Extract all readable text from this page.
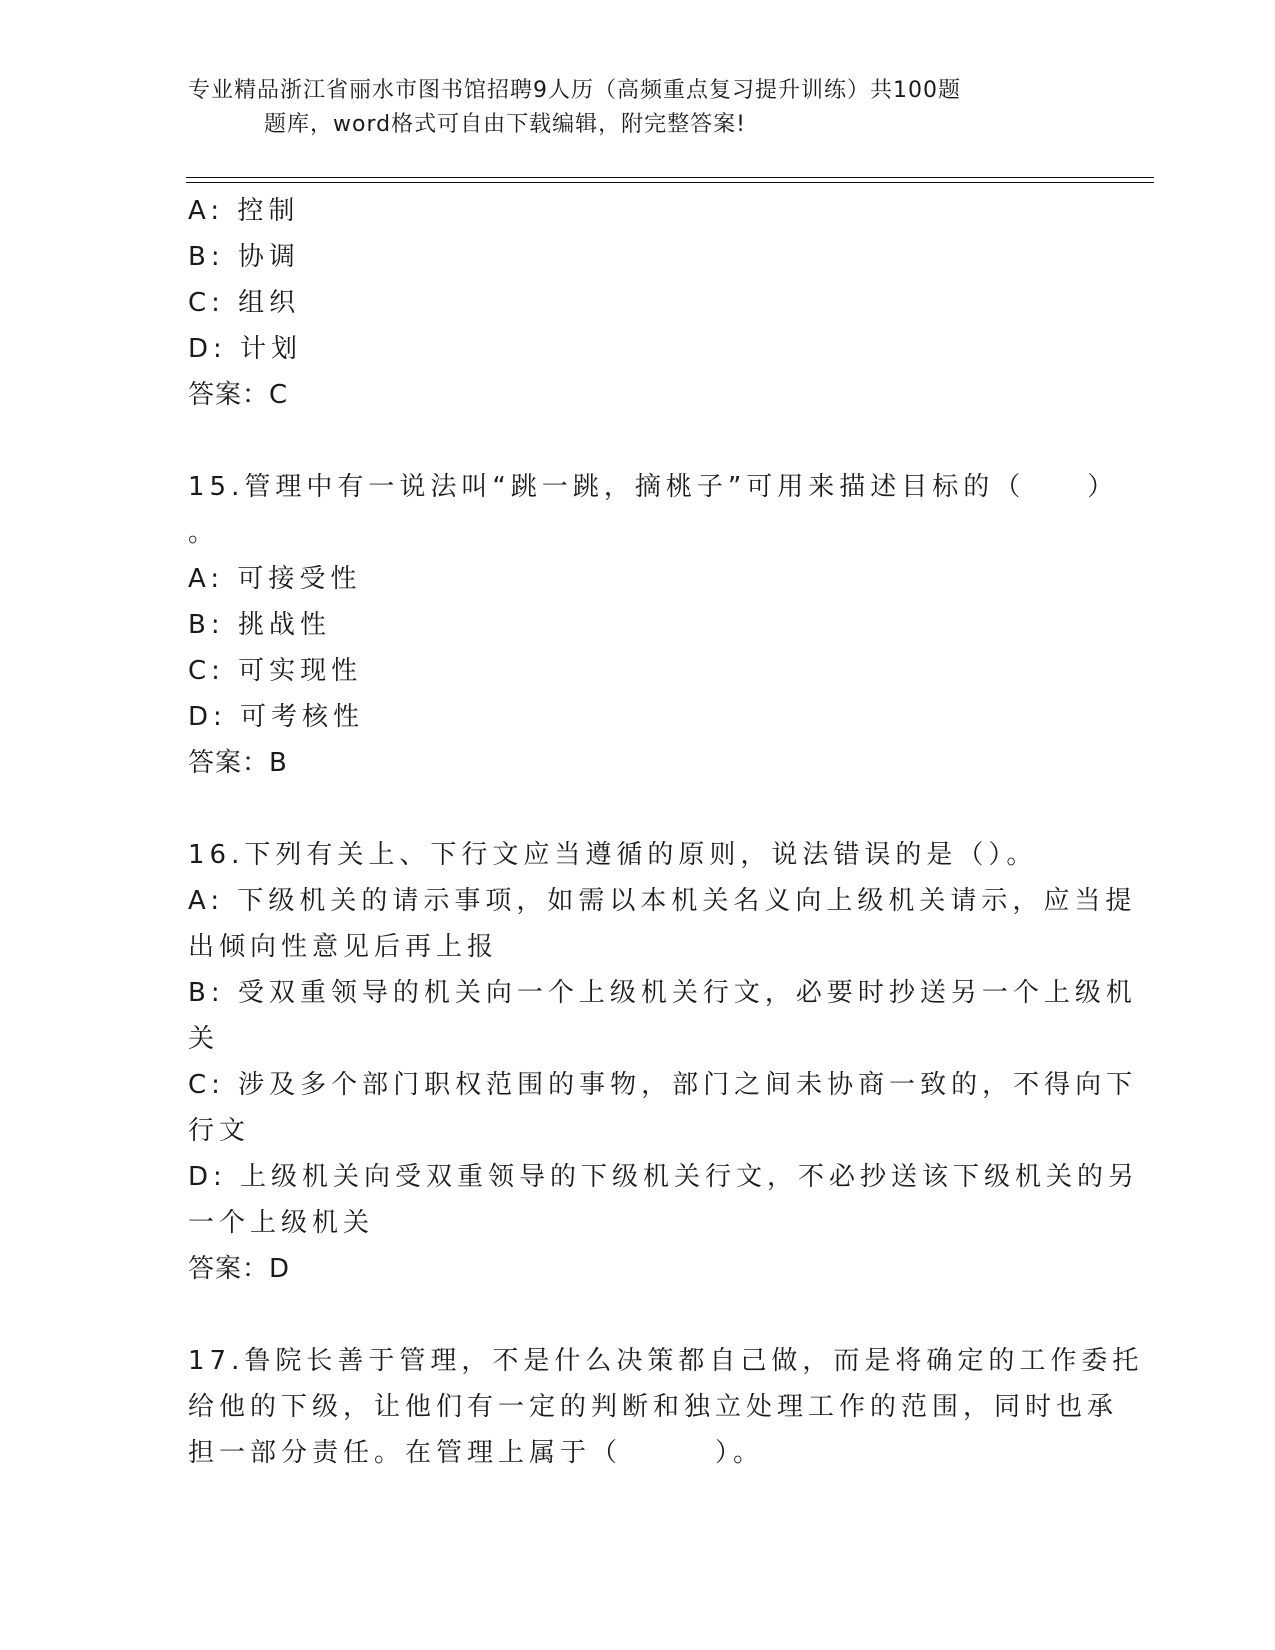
专业精品浙江省丽水市图书馆招聘9人历（高频重点复习提升训练）共100题
题库，word格式可自由下载编辑，附完整答案!
A: 控制
B: 协调
C: 组织
D: 计划
答案：C
15.管理中有一说法叫“跳一跳，摘桃子”可用来描述目标的（　　）
。
A: 可接受性
B: 挑战性
C: 可实现性
D: 可考核性
答案：B
16.下列有关上、下行文应当遵循的原则，说法错误的是（）。
A: 下级机关的请示事项，如需以本机关名义向上级机关请示，应当提
出倾向性意见后再上报
B: 受双重领导的机关向一个上级机关行文，必要时抄送另一个上级机
关
C: 涉及多个部门职权范围的事物，部门之间未协商一致的，不得向下
行文
D: 上级机关向受双重领导的下级机关行文，不必抄送该下级机关的另
一个上级机关
答案：D
17.鲁院长善于管理，不是什么决策都自己做，而是将确定的工作委托
给他的下级，让他们有一定的判断和独立处理工作的范围，同时也承
担一部分责任。在管理上属于（　　　）。
